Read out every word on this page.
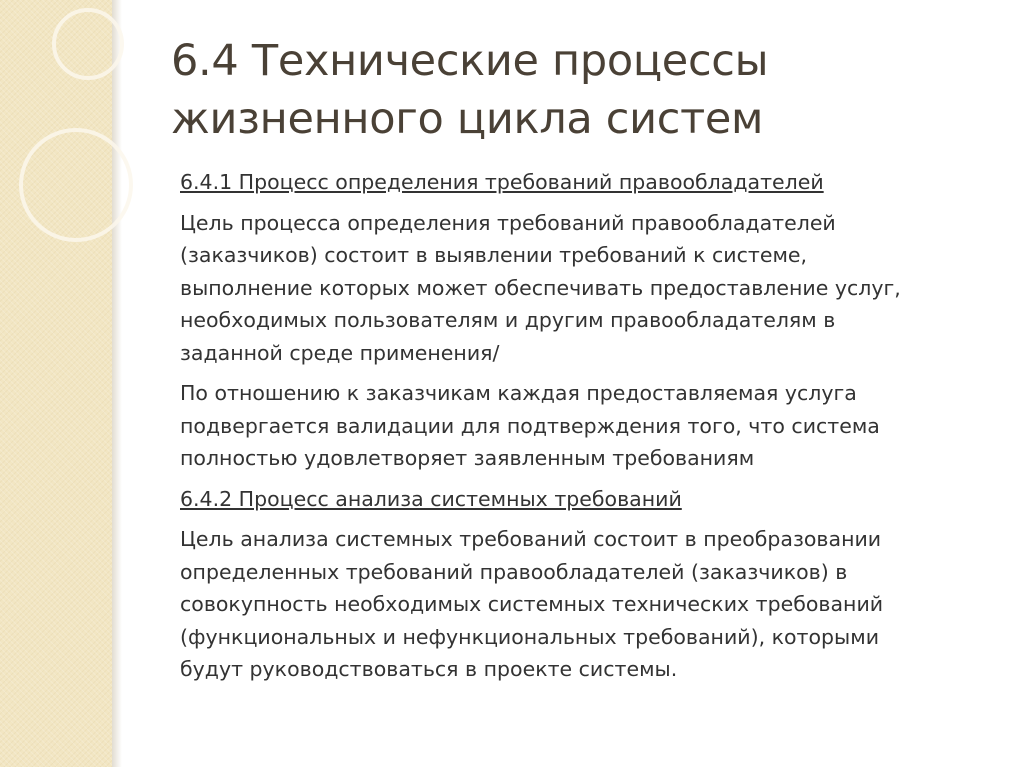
6.4 Технические процессы
жизненного цикла систем

6.4.1 Процесс определения требований правообладателей

Цель процесса определения требований правообладателей
(заказчиков) состоит в выявлении требований к системе,
выполнение которых может обеспечивать предоставление услуг,
необходимых пользователям и другим правообладателям в
заданной среде применения/

По отношению к заказчикам каждая предоставляемая услуга
подвергается валидации для подтверждения того, что система
полностью удовлетворяет заявленным требованиям

6.4.2 Процесс анализа системных требований

Цель анализа системных требований состоит в преобразовании
определенных требований правообладателей (заказчиков) в
совокупность необходимых системных технических требований
(функциональных и нефункциональных требований), которыми
будут руководствоваться в проекте системы.
